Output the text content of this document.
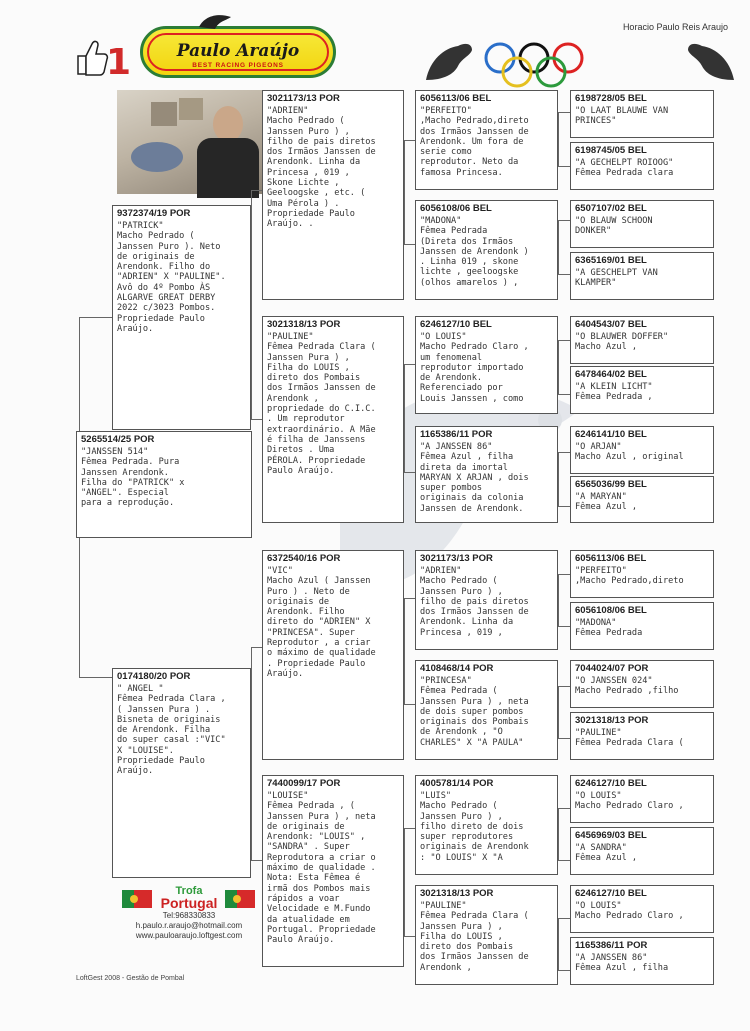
Horacio Paulo Reis Araujo
1	Paulo Araújo
BEST RACING PIGEONS
5265514/25 POR
"JANSSEN 514"
Fêmea Pedrada. Pura
Janssen Arendonk.
Filha do "PATRICK" x
"ANGEL". Especial
para a reprodução.
9372374/19 POR
"PATRICK"
Macho Pedrado (
Janssen Puro ). Neto
de originais de
Arendonk. Filho do
"ADRIEN" X "PAULINE".
Avô do 4º Pombo ÀS
ALGARVE GREAT DERBY
2022 c/3023 Pombos.
Propriedade Paulo
Araújo.
0174180/20 POR
" ANGEL "
Fêmea Pedrada Clara ,
( Janssen Pura ) .
Bisneta de originais
de Arendonk. Filha
do super casal :"VIC"
X "LOUISE".
Propriedade Paulo
Araújo.
3021173/13 POR
"ADRIEN"
Macho Pedrado (
Janssen Puro ) ,
filho de pais diretos
dos Irmãos Janssen de
Arendonk. Linha da
Princesa , 019 ,
Skone Lichte ,
Geeloogske , etc. (
Uma Pérola ) .
Propriedade Paulo
Araújo. .
3021318/13 POR
"PAULINE"
Fêmea Pedrada Clara (
Janssen Pura ) ,
Filha do LOUIS ,
direto dos Pombais
dos Irmãos Janssen de
Arendonk ,
propriedade do C.I.C.
. Um reprodutor
extraordinário. A Mãe
é filha de Janssens
Diretos . Uma
PÉROLA. Propriedade
Paulo Araújo.
6372540/16 POR
"VIC"
Macho Azul ( Janssen
Puro ) . Neto de
originais de
Arendonk. Filho
direto do "ADRIEN" X
"PRINCESA". Super
Reprodutor , a criar
o máximo de qualidade
. Propriedade Paulo
Araújo.
7440099/17 POR
"LOUISE"
Fêmea Pedrada , (
Janssen Pura ) , neta
de originais de
Arendonk: "LOUIS" ,
"SANDRA" . Super
Reprodutora a criar o
máximo de qualidade .
Nota: Esta Fêmea é
irmã dos Pombos mais
rápidos a voar
Velocidade e M.Fundo
da atualidade em
Portugal. Propriedade
Paulo Araújo.
6056113/06 BEL
"PERFEITO"
,Macho Pedrado,direto
dos Irmãos Janssen de
Arendonk. Um fora de
serie como
reprodutor. Neto da
famosa Princesa.
6056108/06 BEL
"MADONA"
Fêmea Pedrada
(Direta dos Irmãos
Janssen de Arendonk )
. Linha 019 , skone
lichte , geeloogske
(olhos amarelos ) ,
6246127/10 BEL
"O LOUIS"
Macho Pedrado Claro ,
um fenomenal
reprodutor importado
de Arendonk.
Referenciado por
Louis Janssen , como
1165386/11 POR
"A JANSSEN 86"
Fêmea Azul , filha
direta da imortal
MARYAN X ARJAN , dois
super pombos
originais da colonia
Janssen de Arendonk.
3021173/13 POR
"ADRIEN"
Macho Pedrado (
Janssen Puro ) ,
filho de pais diretos
dos Irmãos Janssen de
Arendonk. Linha da
Princesa , 019 ,
4108468/14 POR
"PRINCESA"
Fêmea Pedrada (
Janssen Pura ) , neta
de dois super pombos
originais dos Pombais
de Arendonk , "O
CHARLES" X "A PAULA"
4005781/14 POR
"LUIS"
Macho Pedrado (
Janssen Puro ) ,
filho direto de dois
super reprodutores
originais de Arendonk
: "O LOUIS" X "A
3021318/13 POR
"PAULINE"
Fêmea Pedrada Clara (
Janssen Pura ) ,
Filha do LOUIS ,
direto dos Pombais
dos Irmãos Janssen de
Arendonk ,
6198728/05 BEL
"O LAAT BLAUWE VAN
PRINCES"
6198745/05 BEL
"A GECHELPT ROIOOG"
Fêmea Pedrada clara
6507107/02 BEL
"O BLAUW SCHOON
DONKER"
6365169/01 BEL
"A GESCHELPT VAN
KLAMPER"
6404543/07 BEL
"O BLAUWER DOFFER"
Macho Azul ,
6478464/02 BEL
"A KLEIN LICHT"
Fêmea Pedrada ,
6246141/10 BEL
"O ARJAN"
Macho Azul , original
6565036/99 BEL
"A MARYAN"
Fêmea Azul ,
6056113/06 BEL
"PERFEITO"
,Macho Pedrado,direto
6056108/06 BEL
"MADONA"
Fêmea Pedrada
7044024/07 POR
"O JANSSEN 024"
Macho Pedrado ,filho
3021318/13 POR
"PAULINE"
Fêmea Pedrada Clara (
6246127/10 BEL
"O LOUIS"
Macho Pedrado Claro ,
6456969/03 BEL
"A SANDRA"
Fêmea Azul ,
6246127/10 BEL
"O LOUIS"
Macho Pedrado Claro ,
1165386/11 POR
"A JANSSEN 86"
Fêmea Azul , filha
Trofa
Portugal
Tel:968330833
h.paulo.r.araujo@hotmail.com
www.pauloaraujo.loftgest.com
LoftGest 2008 - Gestão de Pombal
